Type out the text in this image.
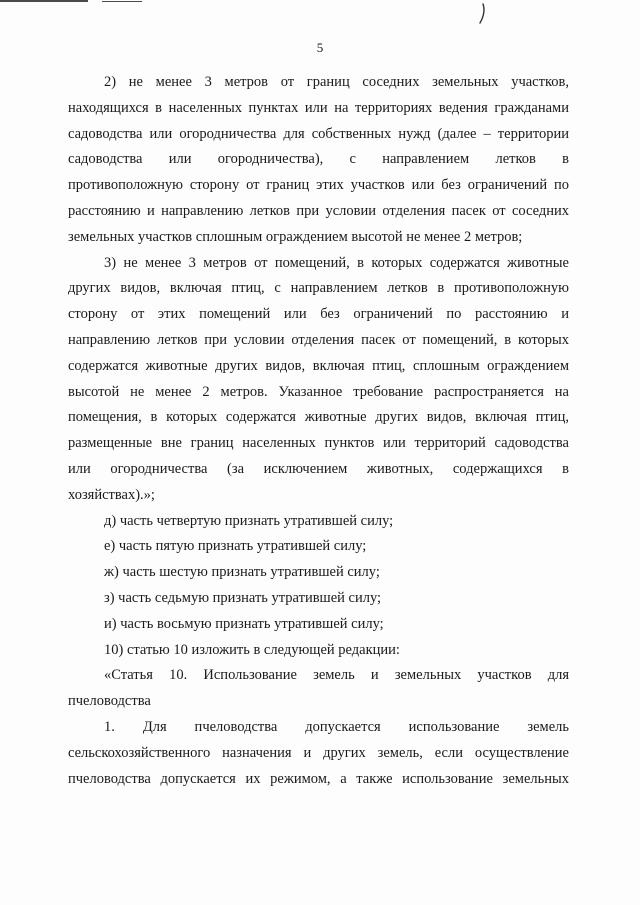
5
2) не менее 3 метров от границ соседних земельных участков,
находящихся в населенных пунктах или на территориях ведения гражданами
садоводства или огородничества для собственных нужд (далее – территории
садоводства или огородничества), с направлением летков в
противоположную сторону от границ этих участков или без ограничений по
расстоянию и направлению летков при условии отделения пасек от соседних
земельных участков сплошным ограждением высотой не менее 2 метров;
3) не менее 3 метров от помещений, в которых содержатся животные
других видов, включая птиц, с направлением летков в противоположную
сторону от этих помещений или без ограничений по расстоянию и
направлению летков при условии отделения пасек от помещений, в которых
содержатся животные других видов, включая птиц, сплошным ограждением
высотой не менее 2 метров. Указанное требование распространяется на
помещения, в которых содержатся животные других видов, включая птиц,
размещенные вне границ населенных пунктов или территорий садоводства
или огородничества (за исключением животных, содержащихся в
хозяйствах).»;
д) часть четвертую признать утратившей силу;
е) часть пятую признать утратившей силу;
ж) часть шестую признать утратившей силу;
з) часть седьмую признать утратившей силу;
и) часть восьмую признать утратившей силу;
10) статью 10 изложить в следующей редакции:
«Статья 10. Использование земель и земельных участков для
пчеловодства
1. Для пчеловодства допускается использование земель
сельскохозяйственного назначения и других земель, если осуществление
пчеловодства допускается их режимом, а также использование земельных
